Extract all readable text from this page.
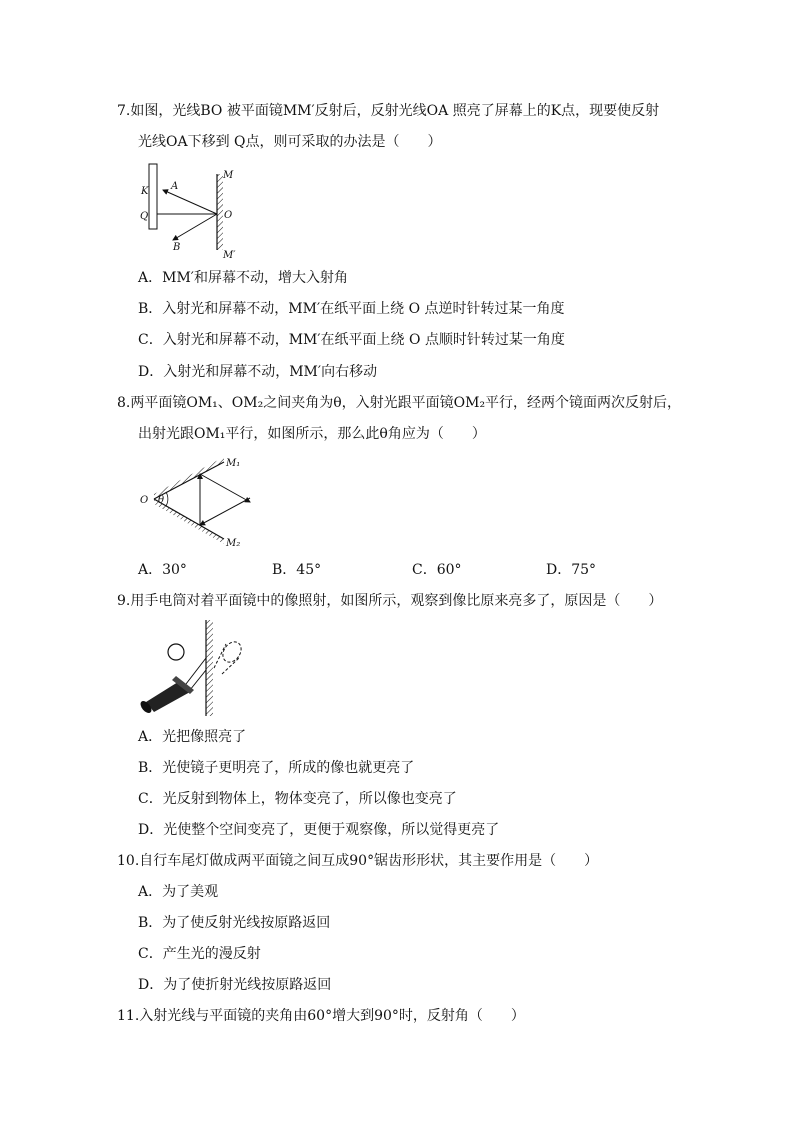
7.如图，光线BO 被平面镜MM′反射后，反射光线OA 照亮了屏幕上的K点，现要使反射
光线OA下移到 Q点，则可采取的办法是（　　）
K
Q
A
B
O
M
M′
A．MM′和屏幕不动，增大入射角
B．入射光和屏幕不动，MM′在纸平面上绕 O 点逆时针转过某一角度
C．入射光和屏幕不动，MM′在纸平面上绕 O 点顺时针转过某一角度
D．入射光和屏幕不动，MM′向右移动
8.两平面镜OM₁、OM₂之间夹角为θ，入射光跟平面镜OM₂平行，经两个镜面两次反射后，
出射光跟OM₁平行，如图所示，那么此θ角应为（　　）
O θ
M₁
M₂
A．30°	B．45°	C．60°	D．75°
9.用手电筒对着平面镜中的像照射，如图所示，观察到像比原来亮多了，原因是（　　）
A．光把像照亮了
B．光使镜子更明亮了，所成的像也就更亮了
C．光反射到物体上，物体变亮了，所以像也变亮了
D．光使整个空间变亮了，更便于观察像，所以觉得更亮了
10.自行车尾灯做成两平面镜之间互成90°锯齿形形状，其主要作用是（　　）
A．为了美观
B．为了使反射光线按原路返回
C．产生光的漫反射
D．为了使折射光线按原路返回
11.入射光线与平面镜的夹角由60°增大到90°时，反射角（　　）
